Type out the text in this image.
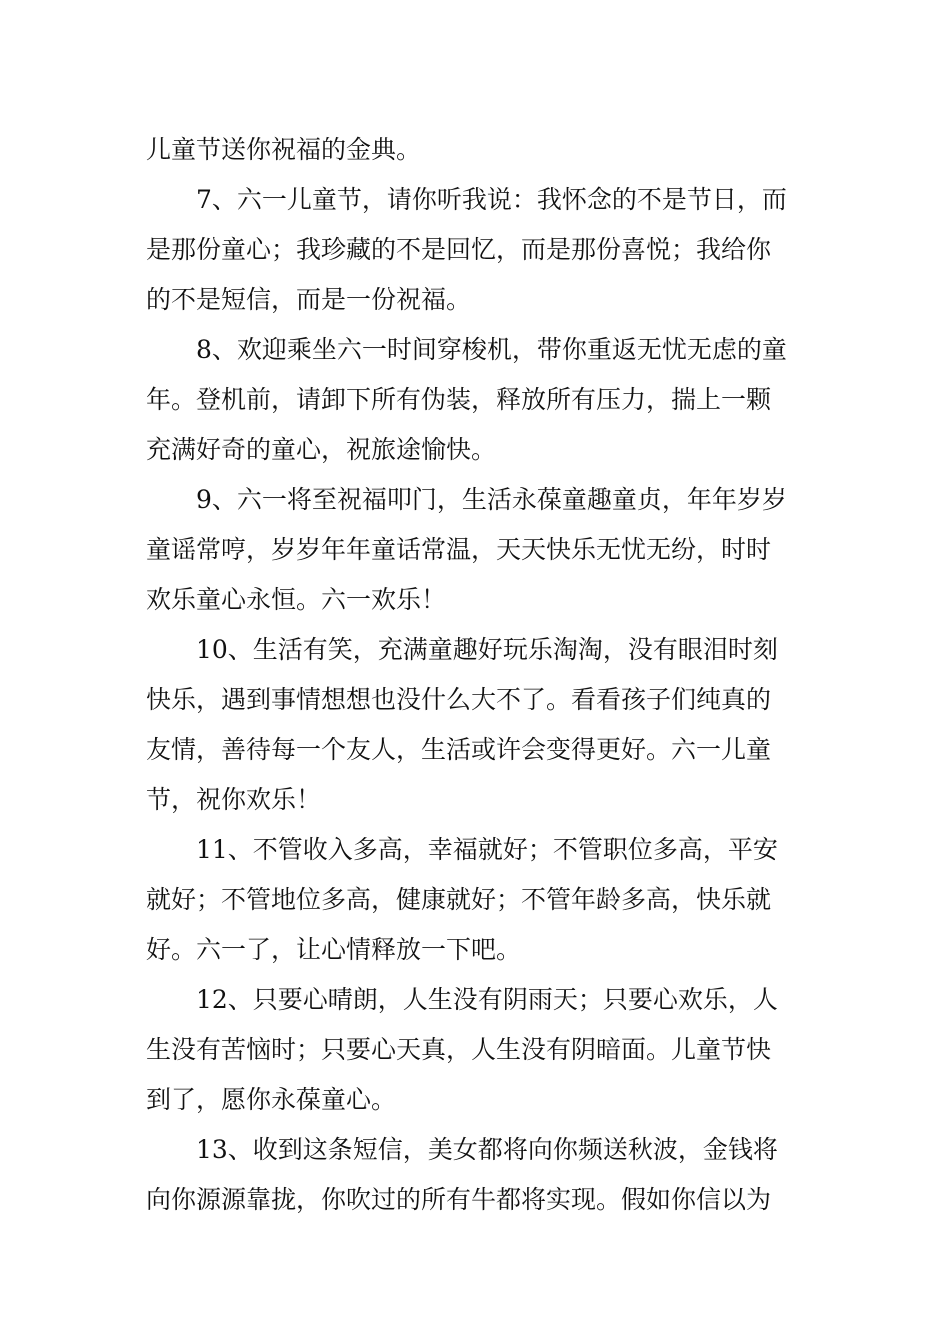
儿童节送你祝福的金典。
7、六一儿童节，请你听我说：我怀念的不是节日，而
是那份童心；我珍藏的不是回忆，而是那份喜悦；我给你
的不是短信，而是一份祝福。
8、欢迎乘坐六一时间穿梭机，带你重返无忧无虑的童
年。登机前，请卸下所有伪装，释放所有压力，揣上一颗
充满好奇的童心，祝旅途愉快。
9、六一将至祝福叩门，生活永葆童趣童贞，年年岁岁
童谣常哼，岁岁年年童话常温，天天快乐无忧无纷，时时
欢乐童心永恒。六一欢乐！
10、生活有笑，充满童趣好玩乐淘淘，没有眼泪时刻
快乐，遇到事情想想也没什么大不了。看看孩子们纯真的
友情，善待每一个友人，生活或许会变得更好。六一儿童
节，祝你欢乐！
11、不管收入多高，幸福就好；不管职位多高，平安
就好；不管地位多高，健康就好；不管年龄多高，快乐就
好。六一了，让心情释放一下吧。
12、只要心晴朗，人生没有阴雨天；只要心欢乐，人
生没有苦恼时；只要心天真，人生没有阴暗面。儿童节快
到了，愿你永葆童心。
13、收到这条短信，美女都将向你频送秋波，金钱将
向你源源靠拢，你吹过的所有牛都将实现。假如你信以为
